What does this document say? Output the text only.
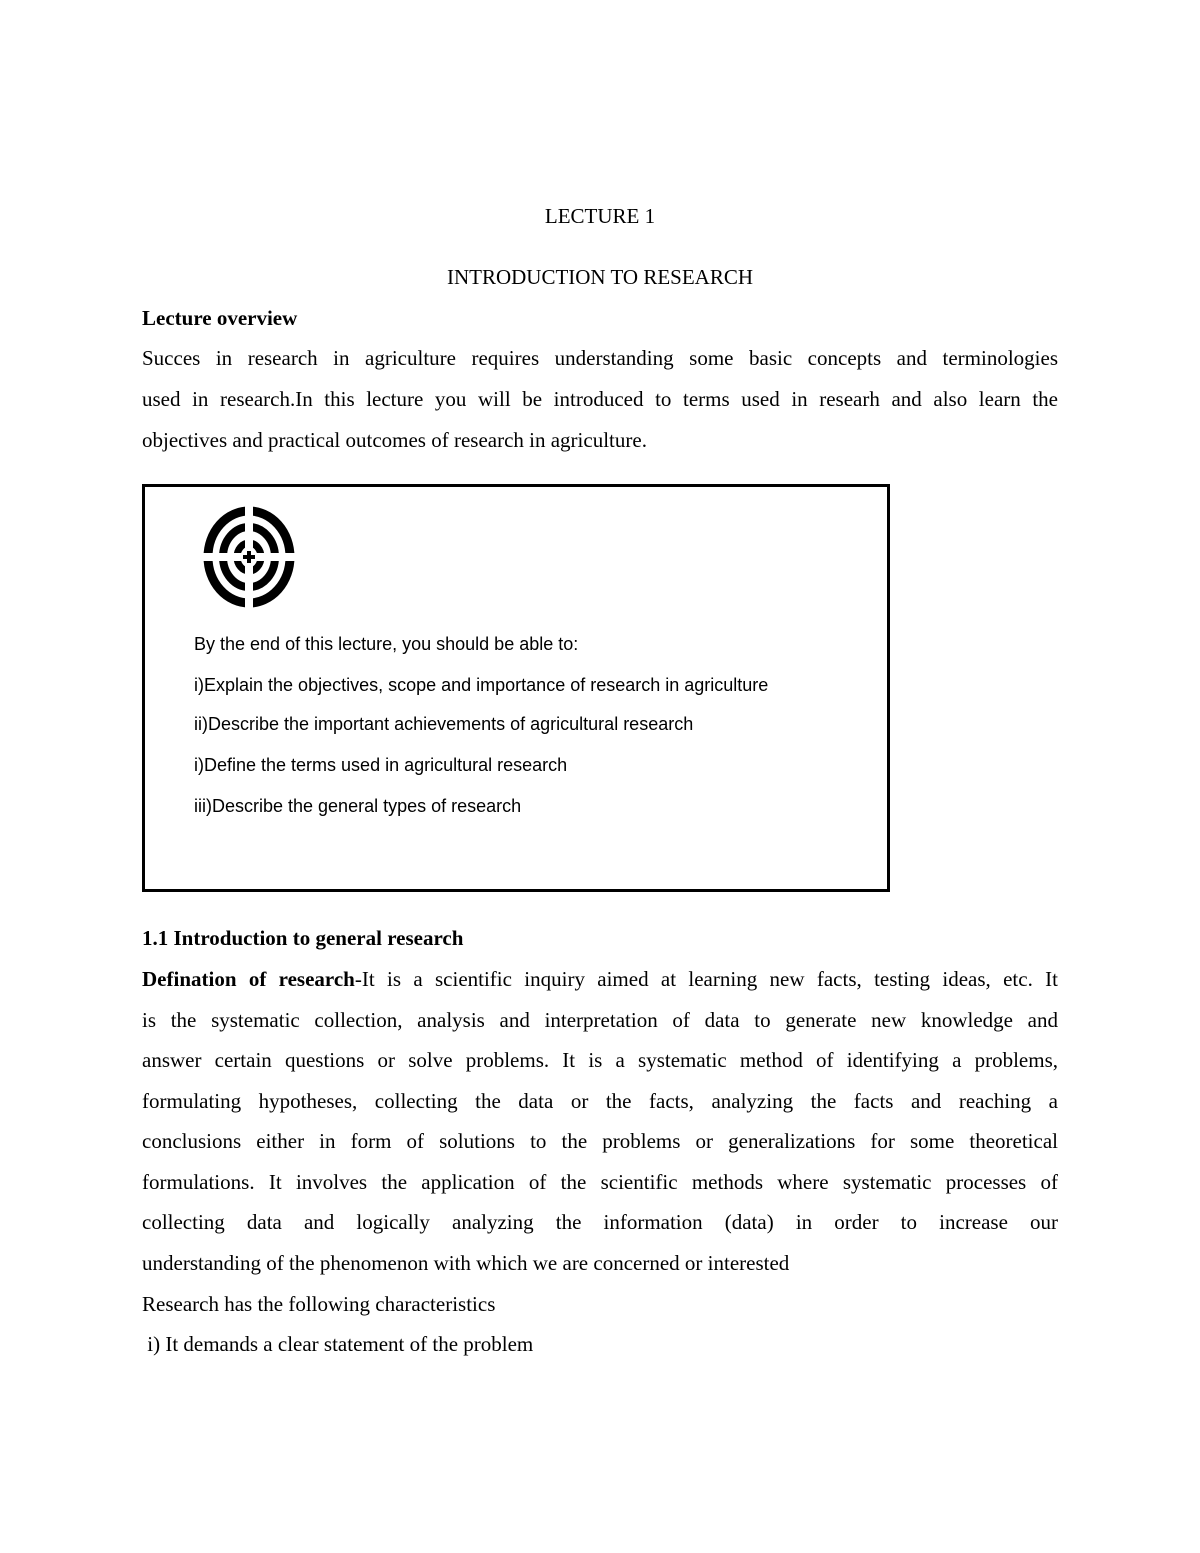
LECTURE 1
INTRODUCTION TO RESEARCH
Lecture overview
Succes in research in agriculture requires understanding some basic concepts and terminologies
used in research.In this lecture you will be introduced to terms used in researh and also learn the
objectives and practical outcomes of research in agriculture.
By the end of this lecture, you should be able to:
i)Explain the objectives, scope and importance of research in agriculture
ii)Describe the important achievements of agricultural research
i)Define the terms used in agricultural research
iii)Describe the general types of research
1.1 Introduction to general research
Defination of research-It is a scientific inquiry aimed at learning new facts, testing ideas, etc. It
is the systematic collection, analysis and interpretation of data to generate new knowledge and
answer certain questions or solve problems. It is a systematic method of identifying a problems,
formulating hypotheses, collecting the data or the facts, analyzing the facts and reaching a
conclusions either in form of solutions to the problems or generalizations for some theoretical
formulations. It involves the application of the scientific methods where systematic processes of
collecting data and logically analyzing the information (data) in order to increase our
understanding of the phenomenon with which we are concerned or interested
Research has the following characteristics
i) It demands a clear statement of the problem
